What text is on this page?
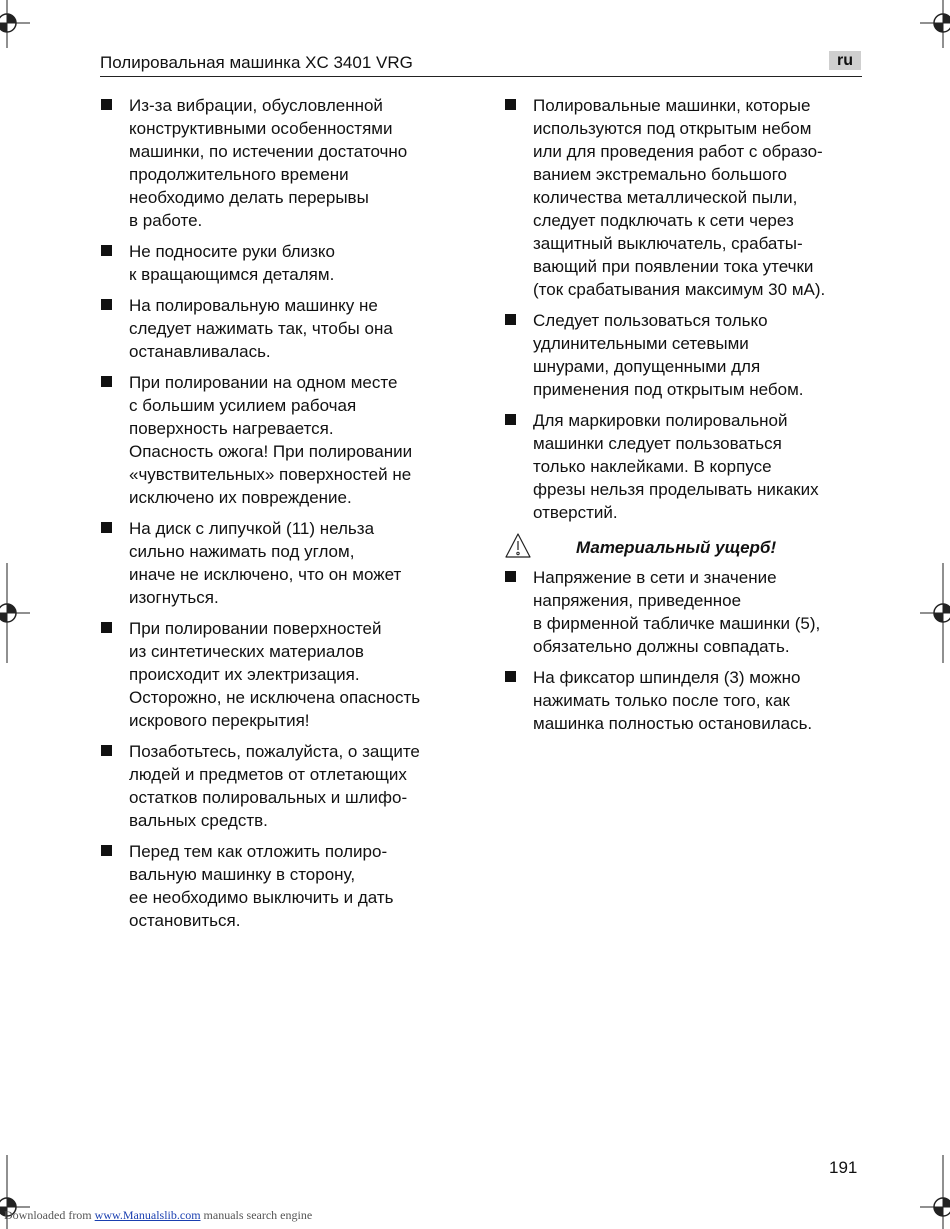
Полировальная машинка XC 3401 VRG	ru
Из-за вибрации, обусловленной
конструктивными особенностями
машинки, по истечении достаточно
продолжительного времени
необходимо делать перерывы
в работе.
Не подносите руки близко
к вращающимся деталям.
На полировальную машинку не
следует нажимать так, чтобы она
останавливалась.
При полировании на одном месте
с большим усилием рабочая
поверхность нагревается.
Опасность ожога! При полировании
«чувствительных» поверхностей не
исключено их повреждение.
На диск с липучкой (11) нельза
сильно нажимать под углом,
иначе не исключено, что он может
изогнуться.
При полировании поверхностей
из синтетических материалов
происходит их электризация.
Осторожно, не исключена опасность
искрового перекрытия!
Позаботьтесь, пожалуйста, о защите
людей и предметов от отлетающих
остатков полировальных и шлифо-
вальных средств.
Перед тем как отложить полиро-
вальную машинку в сторону,
ее необходимо выключить и дать
остановиться.
Полировальные машинки, которые
используются под открытым небом
или для проведения работ с образо-
ванием экстремально большого
количества металлической пыли,
следует подключать к сети через
защитный выключатель, срабаты-
вающий при появлении тока утечки
(ток срабатывания максимум 30 мА).
Следует пользоваться только
удлинительными сетевыми
шнурами, допущенными для
применения под открытым небом.
Для маркировки полировальной
машинки следует пользоваться
только наклейками. В корпусе
фрезы нельзя проделывать никаких
отверстий.
Материальный ущерб!
Напряжение в сети и значение
напряжения, приведенное
в фирменной табличке машинки (5),
обязательно должны совпадать.
На фиксатор шпинделя (3) можно
нажимать только после того, как
машинка полностью остановилась.
191
Downloaded from www.Manualslib.com manuals search engine
